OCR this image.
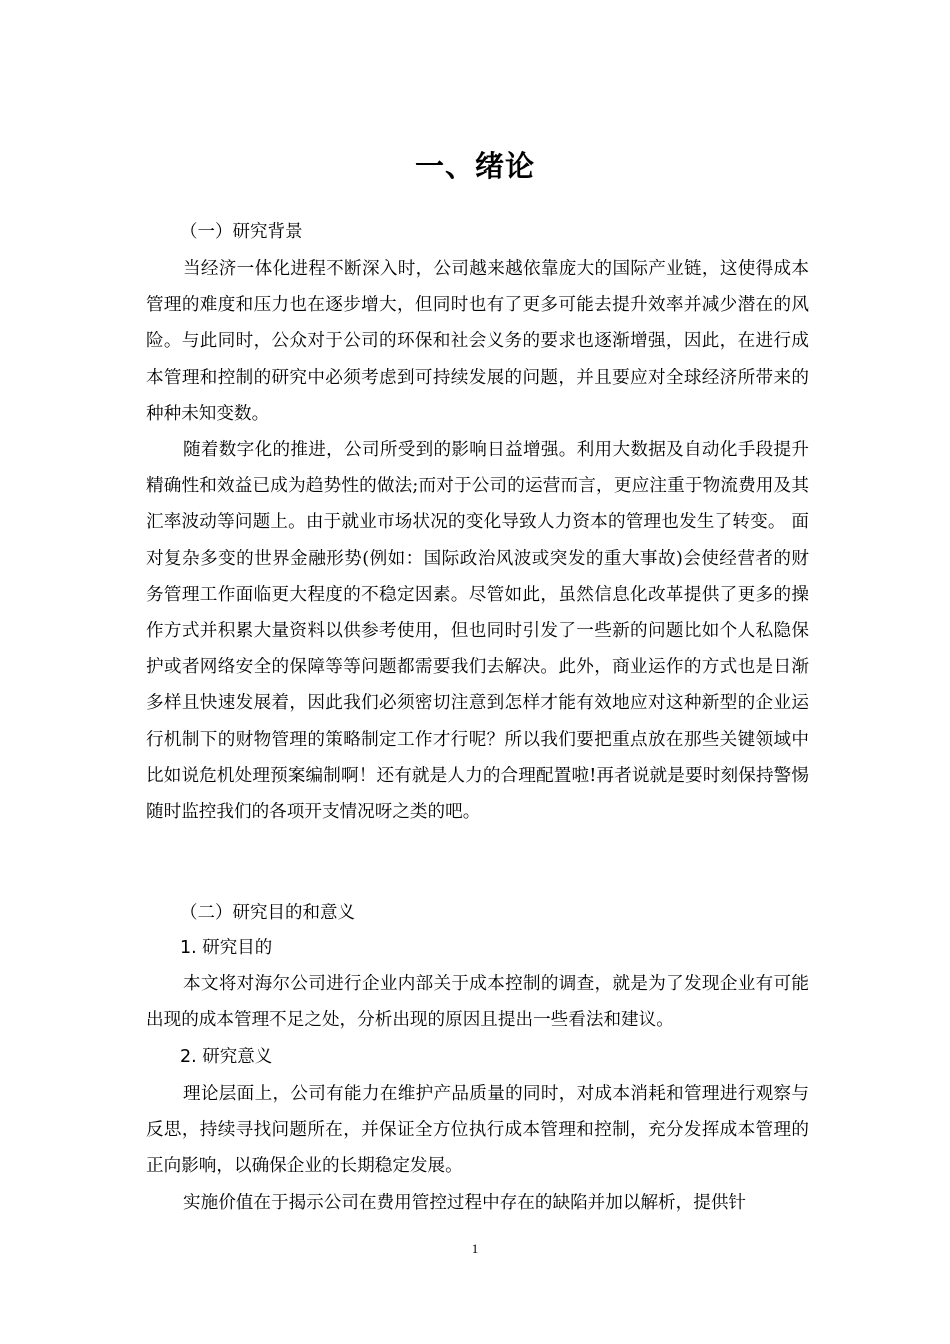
一、绪论
（一）研究背景
当经济一体化进程不断深入时，公司越来越依靠庞大的国际产业链，这使得成本管理的难度和压力也在逐步增大，但同时也有了更多可能去提升效率并减少潜在的风险。与此同时，公众对于公司的环保和社会义务的要求也逐渐增强，因此，在进行成本管理和控制的研究中必须考虑到可持续发展的问题，并且要应对全球经济所带来的种种未知变数。
随着数字化的推进，公司所受到的影响日益增强。利用大数据及自动化手段提升精确性和效益已成为趋势性的做法;而对于公司的运营而言，更应注重于物流费用及其汇率波动等问题上。由于就业市场状况的变化导致人力资本的管理也发生了转变。 面对复杂多变的世界金融形势(例如：国际政治风波或突发的重大事故)会使经营者的财务管理工作面临更大程度的不稳定因素。尽管如此，虽然信息化改革提供了更多的操作方式并积累大量资料以供参考使用，但也同时引发了一些新的问题比如个人私隐保护或者网络安全的保障等等问题都需要我们去解决。此外，商业运作的方式也是日渐多样且快速发展着，因此我们必须密切注意到怎样才能有效地应对这种新型的企业运行机制下的财物管理的策略制定工作才行呢？所以我们要把重点放在那些关键领域中比如说危机处理预案编制啊！还有就是人力的合理配置啦!再者说就是要时刻保持警惕随时监控我们的各项开支情况呀之类的吧。
（二）研究目的和意义
1. 研究目的
本文将对海尔公司进行企业内部关于成本控制的调查，就是为了发现企业有可能出现的成本管理不足之处，分析出现的原因且提出一些看法和建议。
2. 研究意义
理论层面上，公司有能力在维护产品质量的同时，对成本消耗和管理进行观察与反思，持续寻找问题所在，并保证全方位执行成本管理和控制，充分发挥成本管理的正向影响，以确保企业的长期稳定发展。
实施价值在于揭示公司在费用管控过程中存在的缺陷并加以解析，提供针
1
